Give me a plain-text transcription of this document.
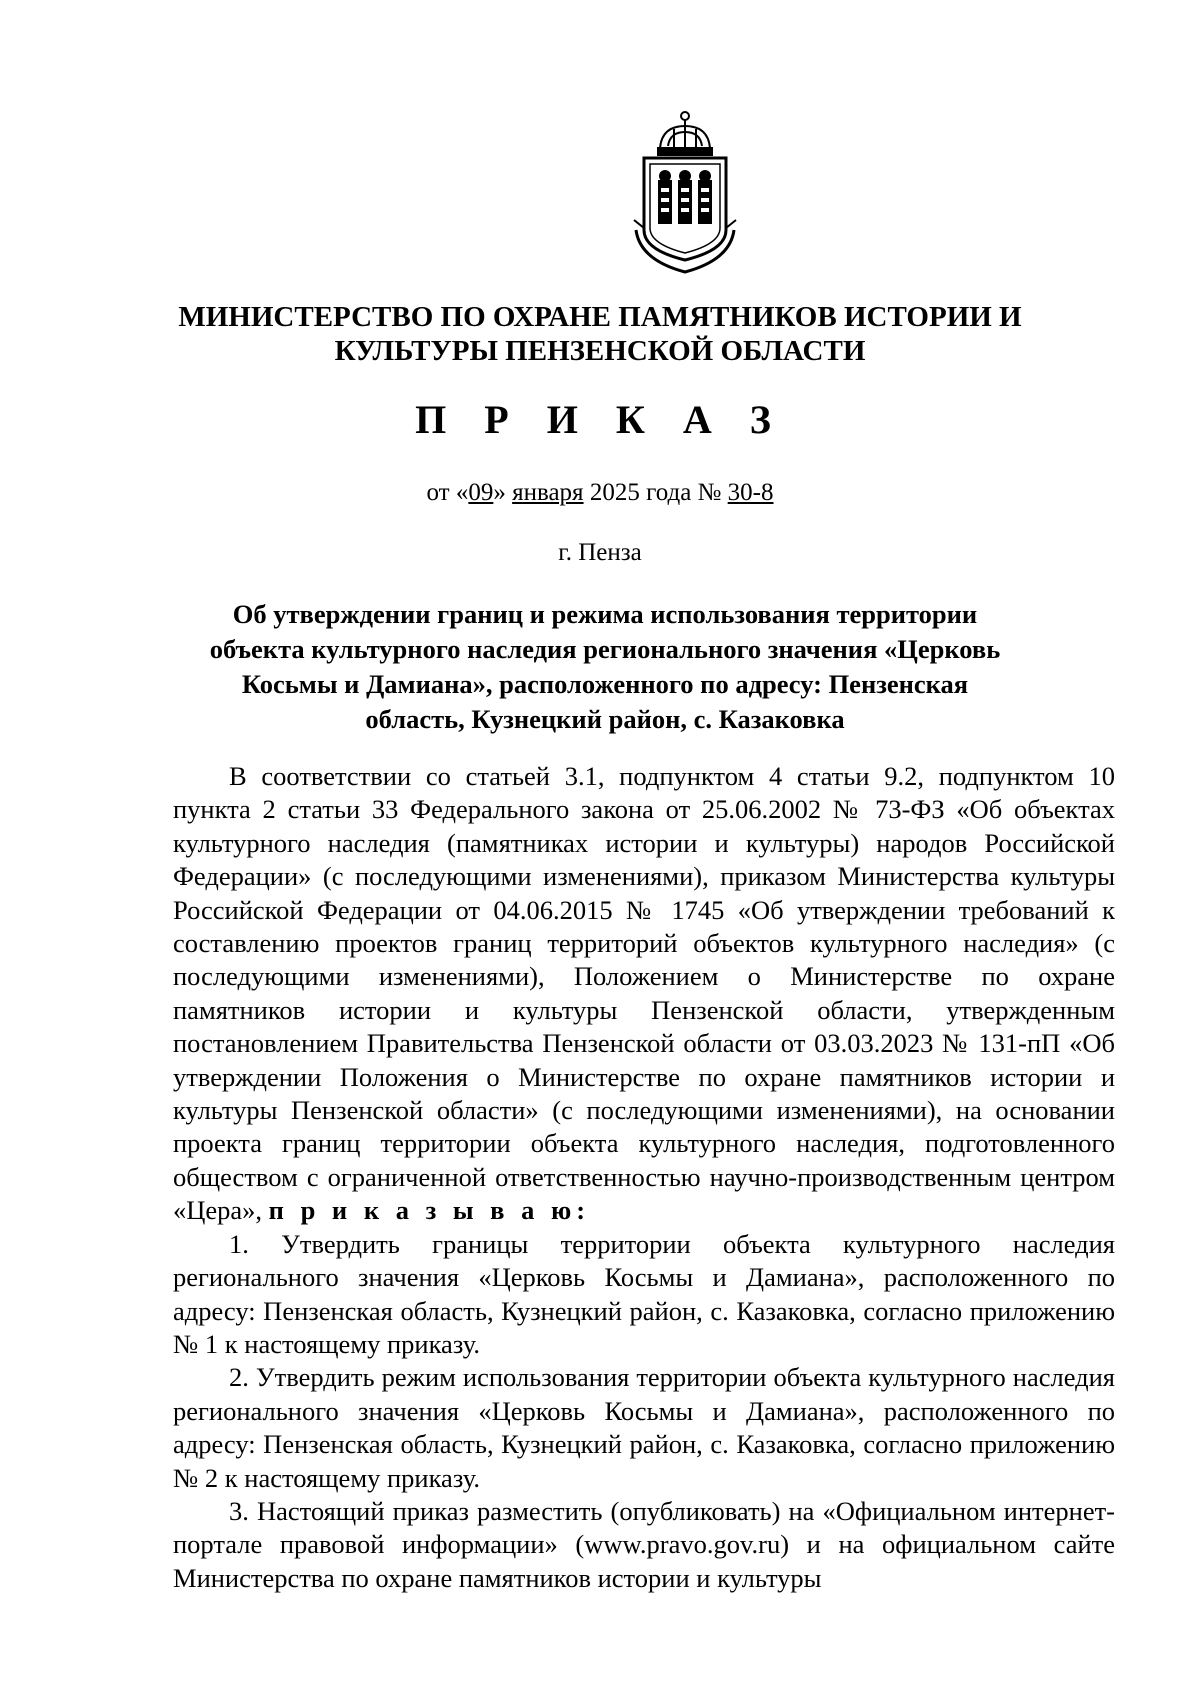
МИНИСТЕРСТВО ПО ОХРАНЕ ПАМЯТНИКОВ ИСТОРИИ И КУЛЬТУРЫ ПЕНЗЕНСКОЙ ОБЛАСТИ
П Р И К А З

от «09» января 2025 года № 30-8

г. Пенза

Об утверждении границ и режима использования территории объекта культурного наследия регионального значения «Церковь Косьмы и Дамиана», расположенного по адресу: Пензенская область, Кузнецкий район, с. Казаковка

В соответствии со статьей 3.1, подпунктом 4 статьи 9.2, подпунктом 10 пункта 2 статьи 33 Федерального закона от 25.06.2002 № 73-ФЗ «Об объектах культурного наследия (памятниках истории и культуры) народов Российской Федерации» (с последующими изменениями), приказом Министерства культуры Российской Федерации от 04.06.2015 № 1745 «Об утверждении требований к составлению проектов границ территорий объектов культурного наследия» (с последующими изменениями), Положением о Министерстве по охране памятников истории и культуры Пензенской области, утвержденным постановлением Правительства Пензенской области от 03.03.2023 № 131-пП «Об утверждении Положения о Министерстве по охране памятников истории и культуры Пензенской области» (с последующими изменениями), на основании проекта границ территории объекта культурного наследия, подготовленного обществом с ограниченной ответственностью научно-производственным центром «Цера», п р и к а з ы в а ю:

1. Утвердить границы территории объекта культурного наследия регионального значения «Церковь Косьмы и Дамиана», расположенного по адресу: Пензенская область, Кузнецкий район, с. Казаковка, согласно приложению № 1 к настоящему приказу.

2. Утвердить режим использования территории объекта культурного наследия регионального значения «Церковь Косьмы и Дамиана», расположенного по адресу: Пензенская область, Кузнецкий район, с. Казаковка, согласно приложению № 2 к настоящему приказу.

3. Настоящий приказ разместить (опубликовать) на «Официальном интернет-портале правовой информации» (www.pravo.gov.ru) и на официальном сайте Министерства по охране памятников истории и культуры
